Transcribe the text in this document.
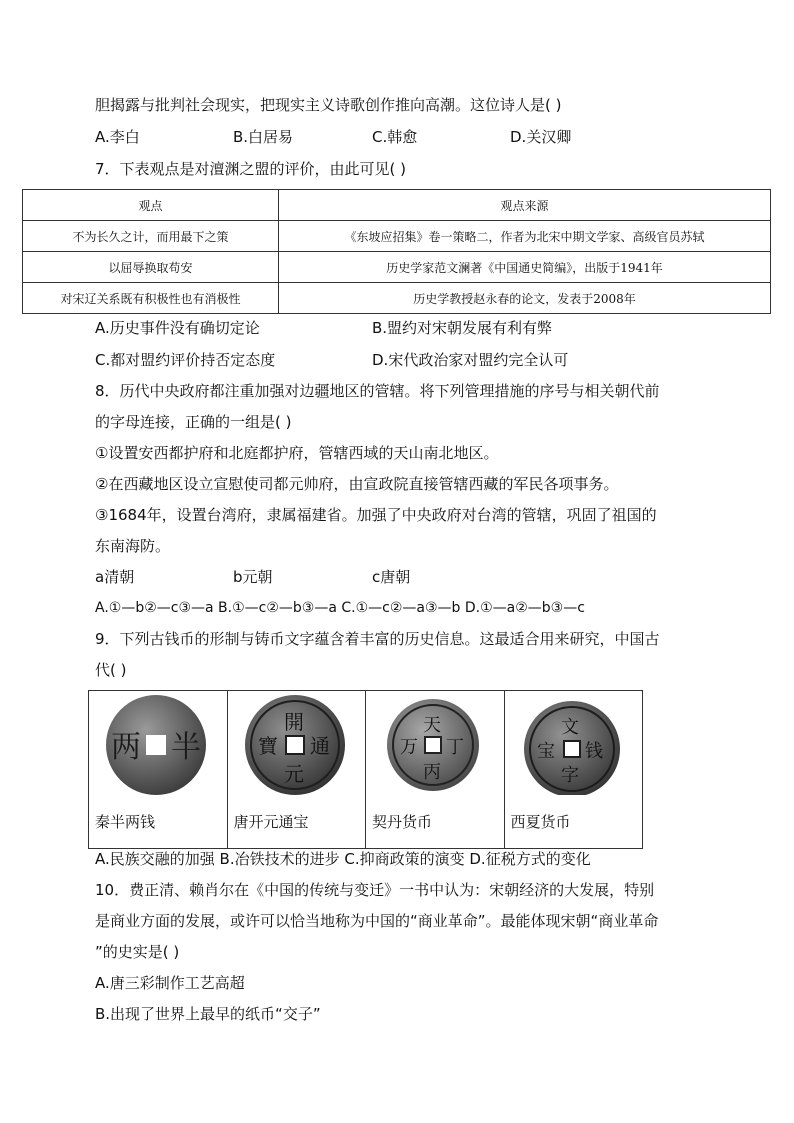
胆揭露与批判社会现实，把现实主义诗歌创作推向高潮。这位诗人是( )
A.李白	B.白居易	C.韩愈	D.关汉卿
7．下表观点是对澶渊之盟的评价，由此可见( )
观点	观点来源
不为长久之计，而用最下之策	《东坡应招集》卷一策略二，作者为北宋中期文学家、高级官员苏轼
以屈辱换取苟安	历史学家范文澜著《中国通史简编》，出版于1941年
对宋辽关系既有积极性也有消极性	历史学教授赵永春的论文，发表于2008年
A.历史事件没有确切定论	B.盟约对宋朝发展有利有弊
C.都对盟约评价持否定态度	D.宋代政治家对盟约完全认可
8．历代中央政府都注重加强对边疆地区的管辖。将下列管理措施的序号与相关朝代前
的字母连接，正确的一组是( )
①设置安西都护府和北庭都护府，管辖西域的天山南北地区。
②在西藏地区设立宣慰使司都元帅府，由宣政院直接管辖西藏的军民各项事务。
③1684年，设置台湾府，隶属福建省。加强了中央政府对台湾的管辖，巩固了祖国的
东南海防。
a清朝	b元朝	c唐朝
A.①—b②—c③—a B.①—c②—b③—a C.①—c②—a③—b D.①—a②—b③—c
9．下列古钱币的形制与铸币文字蕴含着丰富的历史信息。这最适合用来研究，中国古
代( )
两 半
秦半两钱
開
元
通
寶
唐开元通宝
天
丙
丁
万
契丹货币
文
字
钱
宝
西夏货币
A.民族交融的加强 B.冶铁技术的进步 C.抑商政策的演变 D.征税方式的变化
10．费正清、赖肖尔在《中国的传统与变迁》一书中认为：宋朝经济的大发展，特别
是商业方面的发展，或许可以恰当地称为中国的“商业革命”。最能体现宋朝“商业革命
”的史实是( )
A.唐三彩制作工艺高超
B.出现了世界上最早的纸币“交子”
